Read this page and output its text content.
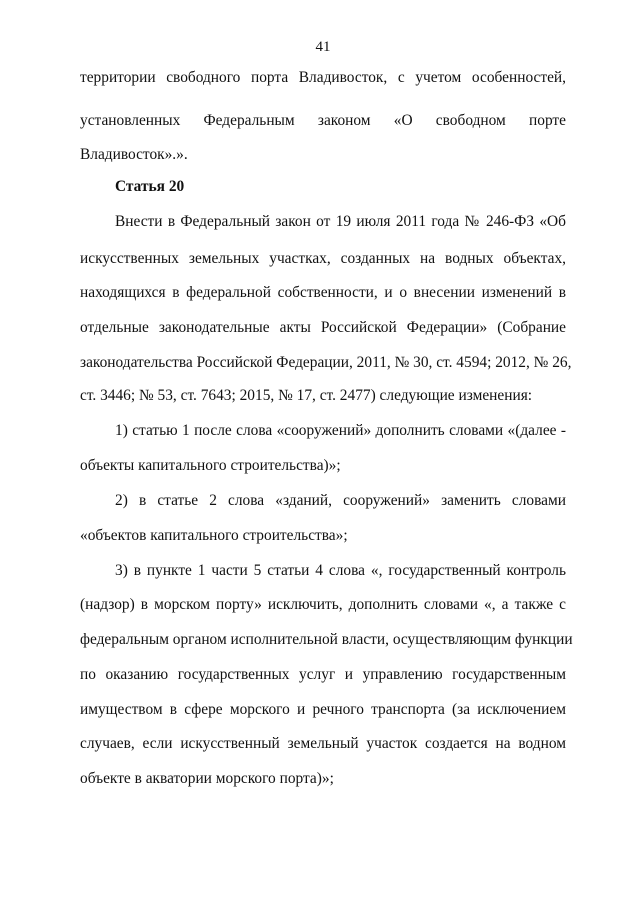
41
территории свободного порта Владивосток, с учетом особенностей,
установленных Федеральным законом «О свободном порте
Владивосток».».
Статья 20
Внести в Федеральный закон от 19 июля 2011 года № 246-ФЗ «Об
искусственных земельных участках, созданных на водных объектах,
находящихся в федеральной собственности, и о внесении изменений в
отдельные законодательные акты Российской Федерации» (Собрание
законодательства Российской Федерации, 2011, № 30, ст. 4594; 2012, № 26,
ст. 3446; № 53, ст. 7643; 2015, № 17, ст. 2477) следующие изменения:
1) статью 1 после слова «сооружений» дополнить словами «(далее -
объекты капитального строительства)»;
2) в статье 2 слова «зданий, сооружений» заменить словами
«объектов капитального строительства»;
3) в пункте 1 части 5 статьи 4 слова «, государственный контроль
(надзор) в морском порту» исключить, дополнить словами «, а также с
федеральным органом исполнительной власти, осуществляющим функции
по оказанию государственных услуг и управлению государственным
имуществом в сфере морского и речного транспорта (за исключением
случаев, если искусственный земельный участок создается на водном
объекте в акватории морского порта)»;
